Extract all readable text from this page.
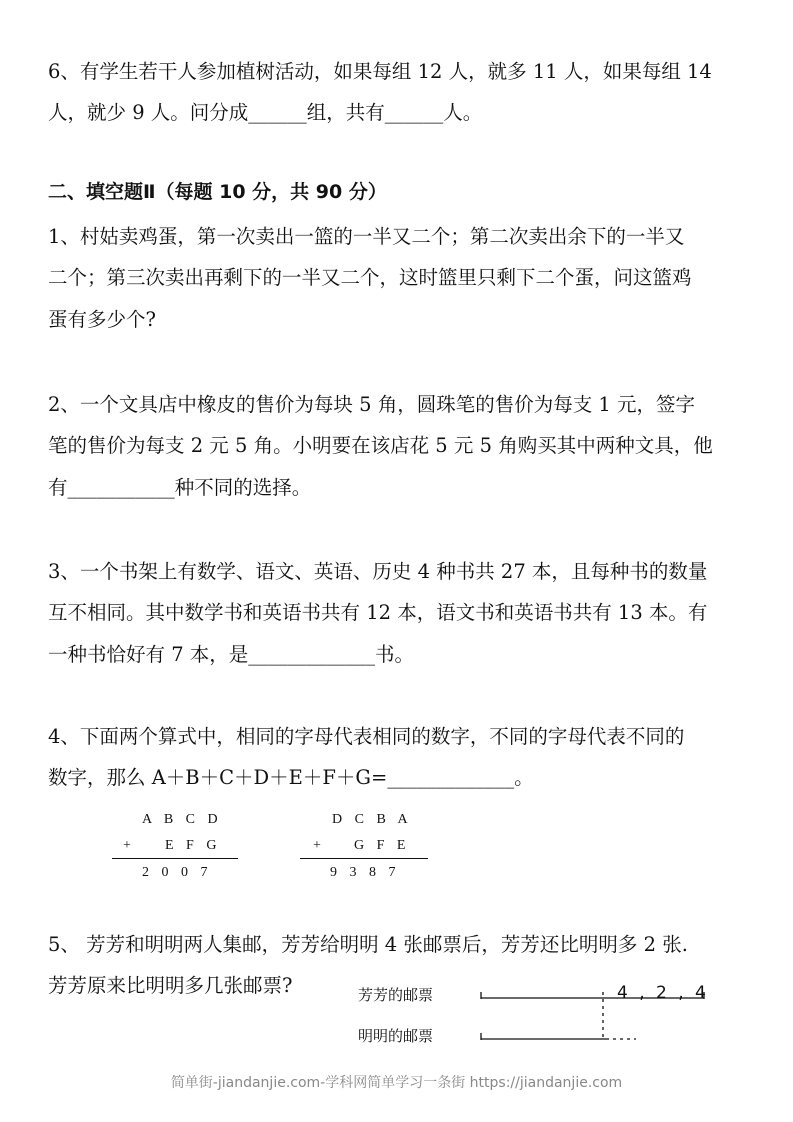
6、有学生若干人参加植树活动，如果每组 12 人，就多 11 人，如果每组 14
人，就少 9 人。问分成______组，共有______人。
二、填空题Ⅱ（每题 10 分，共 90 分）
1、村姑卖鸡蛋，第一次卖出一篮的一半又二个；第二次卖出余下的一半又
二个；第三次卖出再剩下的一半又二个，这时篮里只剩下二个蛋，问这篮鸡
蛋有多少个?
2、一个文具店中橡皮的售价为每块 5 角，圆珠笔的售价为每支 1 元，签字
笔的售价为每支 2 元 5 角。小明要在该店花 5 元 5 角购买其中两种文具，他
有___________种不同的选择。
3、一个书架上有数学、语文、英语、历史 4 种书共 27 本，且每种书的数量
互不相同。其中数学书和英语书共有 12 本，语文书和英语书共有 13 本。有
一种书恰好有 7 本，是_____________书。
4、下面两个算式中，相同的字母代表相同的数字，不同的字母代表不同的
数字，那么 A＋B＋C＋D＋E＋F＋G=_____________。
A B C D
+ E F G
2 0 0 7
D C B A
+ G F E
9 3 8 7
5、 芳芳和明明两人集邮，芳芳给明明 4 张邮票后，芳芳还比明明多 2 张.
芳芳原来比明明多几张邮票?	芳芳的邮票
明明的邮票
4 , 2 , 4
简单街-jiandanjie.com-学科网简单学习一条街 https://jiandanjie.com
